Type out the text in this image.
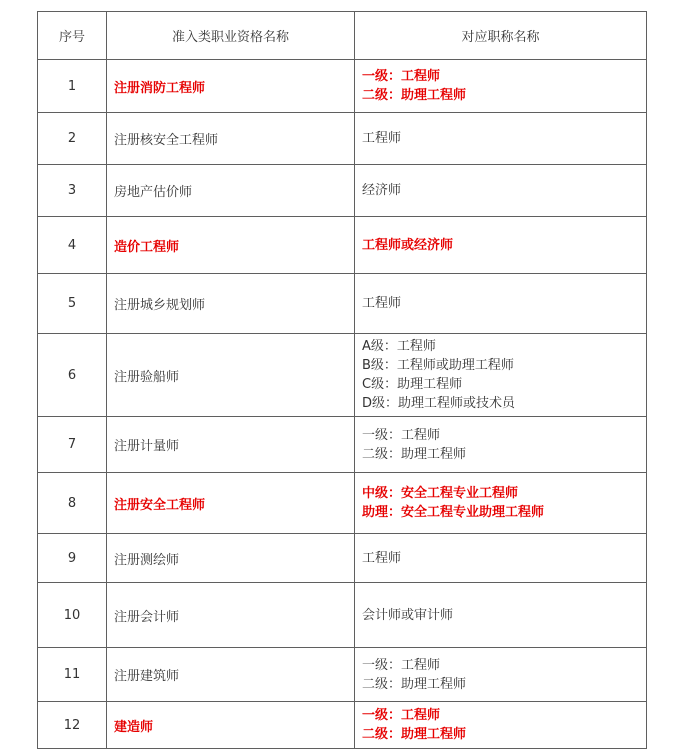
序号	准入类职业资格名称	对应职称名称
1	注册消防工程师	一级：工程师
二级：助理工程师

2	注册核安全工程师	工程师

3	房地产估价师	经济师

4	造价工程师	工程师或经济师

5	注册城乡规划师	工程师

6	注册验船师	A级：工程师
B级：工程师或助理工程师
C级：助理工程师
D级：助理工程师或技术员

7	注册计量师	一级：工程师
二级：助理工程师

8	注册安全工程师	中级：安全工程专业工程师
助理：安全工程专业助理工程师

9	注册测绘师	工程师

10	注册会计师	会计师或审计师

11	注册建筑师	一级：工程师
二级：助理工程师

12	建造师	一级：工程师
二级：助理工程师
